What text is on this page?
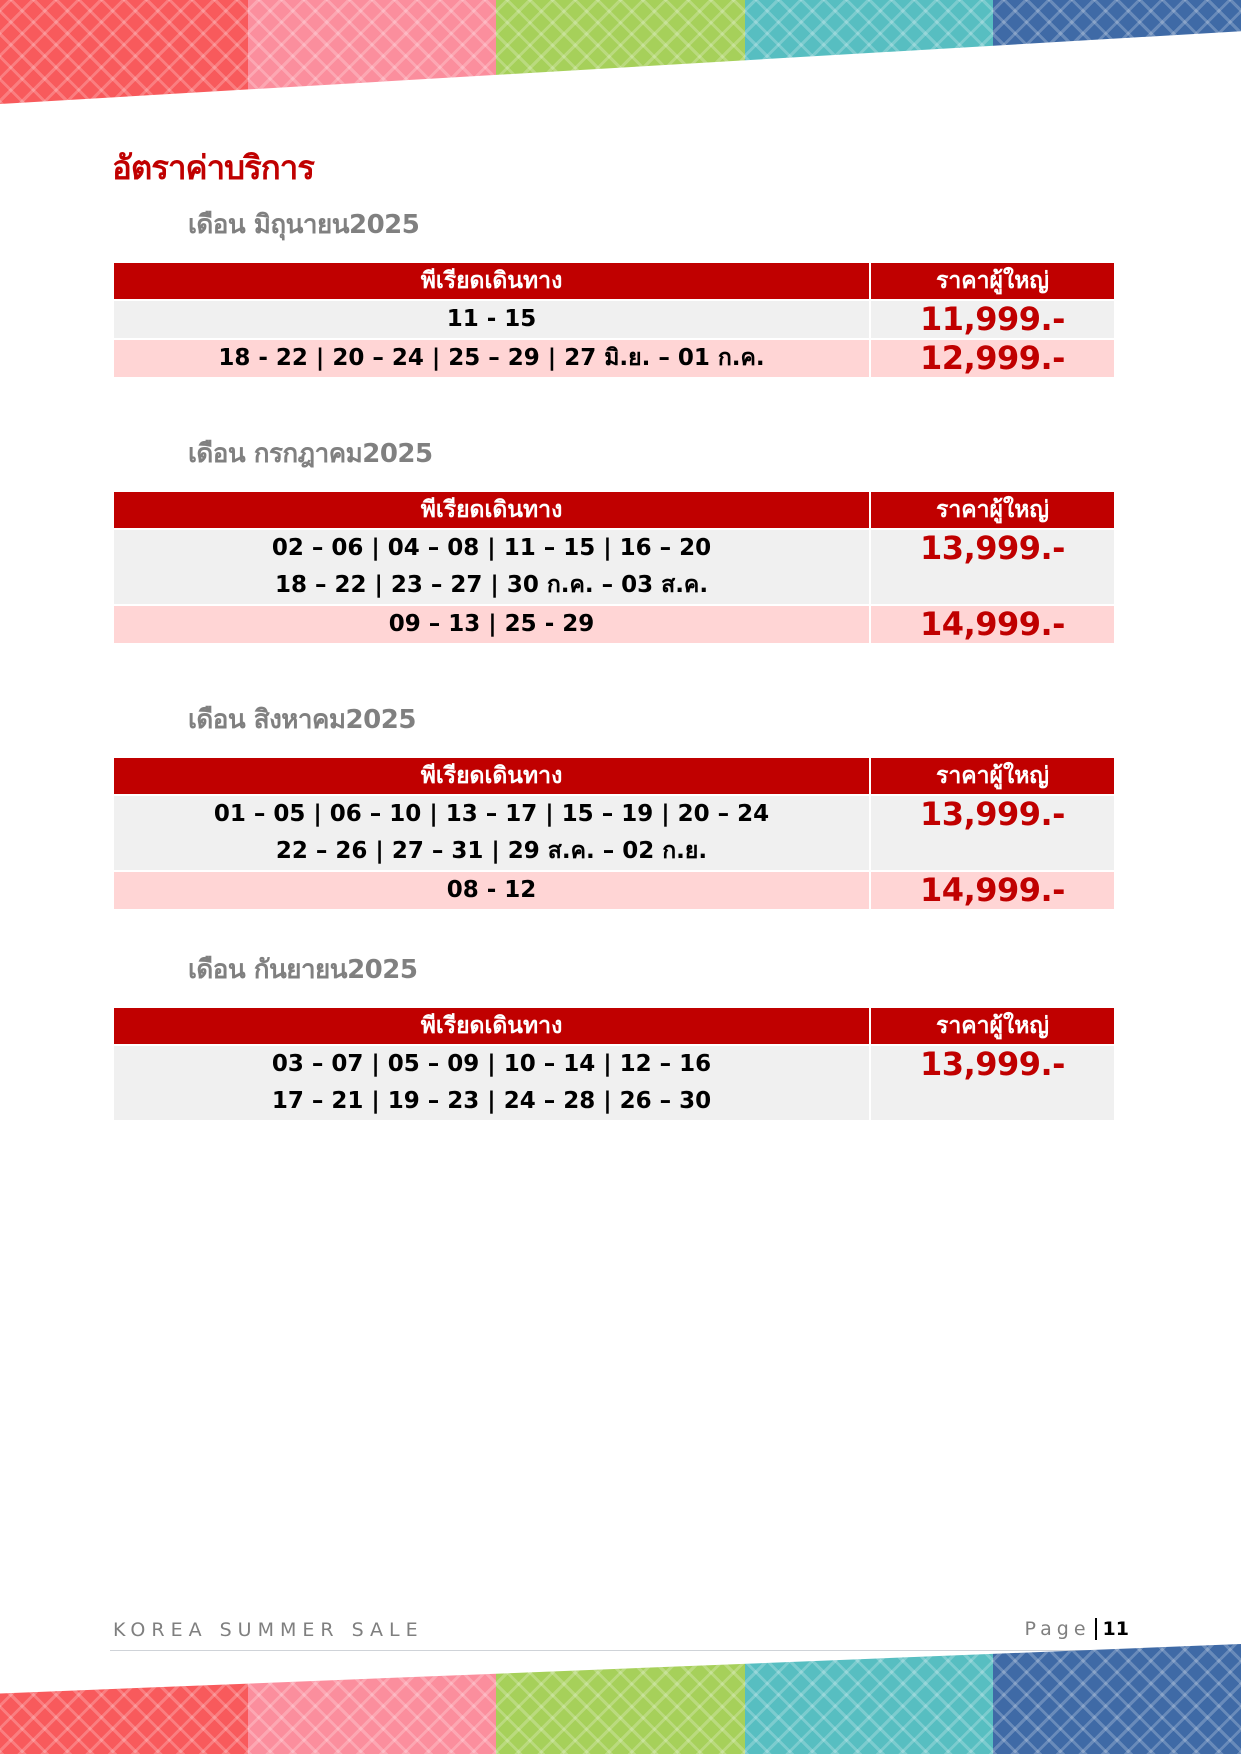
อัตราค่าบริการ
เดือน มิถุนายน2025
พีเรียดเดินทาง	ราคาผู้ใหญ่

11 - 15	11,999.-

18 - 22 | 20 – 24 | 25 – 29 | 27 มิ.ย. – 01 ก.ค.	12,999.-
เดือน กรกฎาคม2025
พีเรียดเดินทาง	ราคาผู้ใหญ่

02 – 06 | 04 – 08 | 11 – 15 | 16 – 20
18 – 22 | 23 – 27 | 30 ก.ค. – 03 ส.ค.	13,999.-

09 – 13 | 25 - 29	14,999.-
เดือน สิงหาคม2025
พีเรียดเดินทาง	ราคาผู้ใหญ่

01 – 05 | 06 – 10 | 13 – 17 | 15 – 19 | 20 – 24
22 – 26 | 27 – 31 | 29 ส.ค. – 02 ก.ย.	13,999.-

08 - 12	14,999.-
เดือน กันยายน2025
พีเรียดเดินทาง	ราคาผู้ใหญ่

03 – 07 | 05 – 09 | 10 – 14 | 12 – 16
17 – 21 | 19 – 23 | 24 – 28 | 26 – 30	13,999.-
KOREA SUMMER SALE	Page 11
